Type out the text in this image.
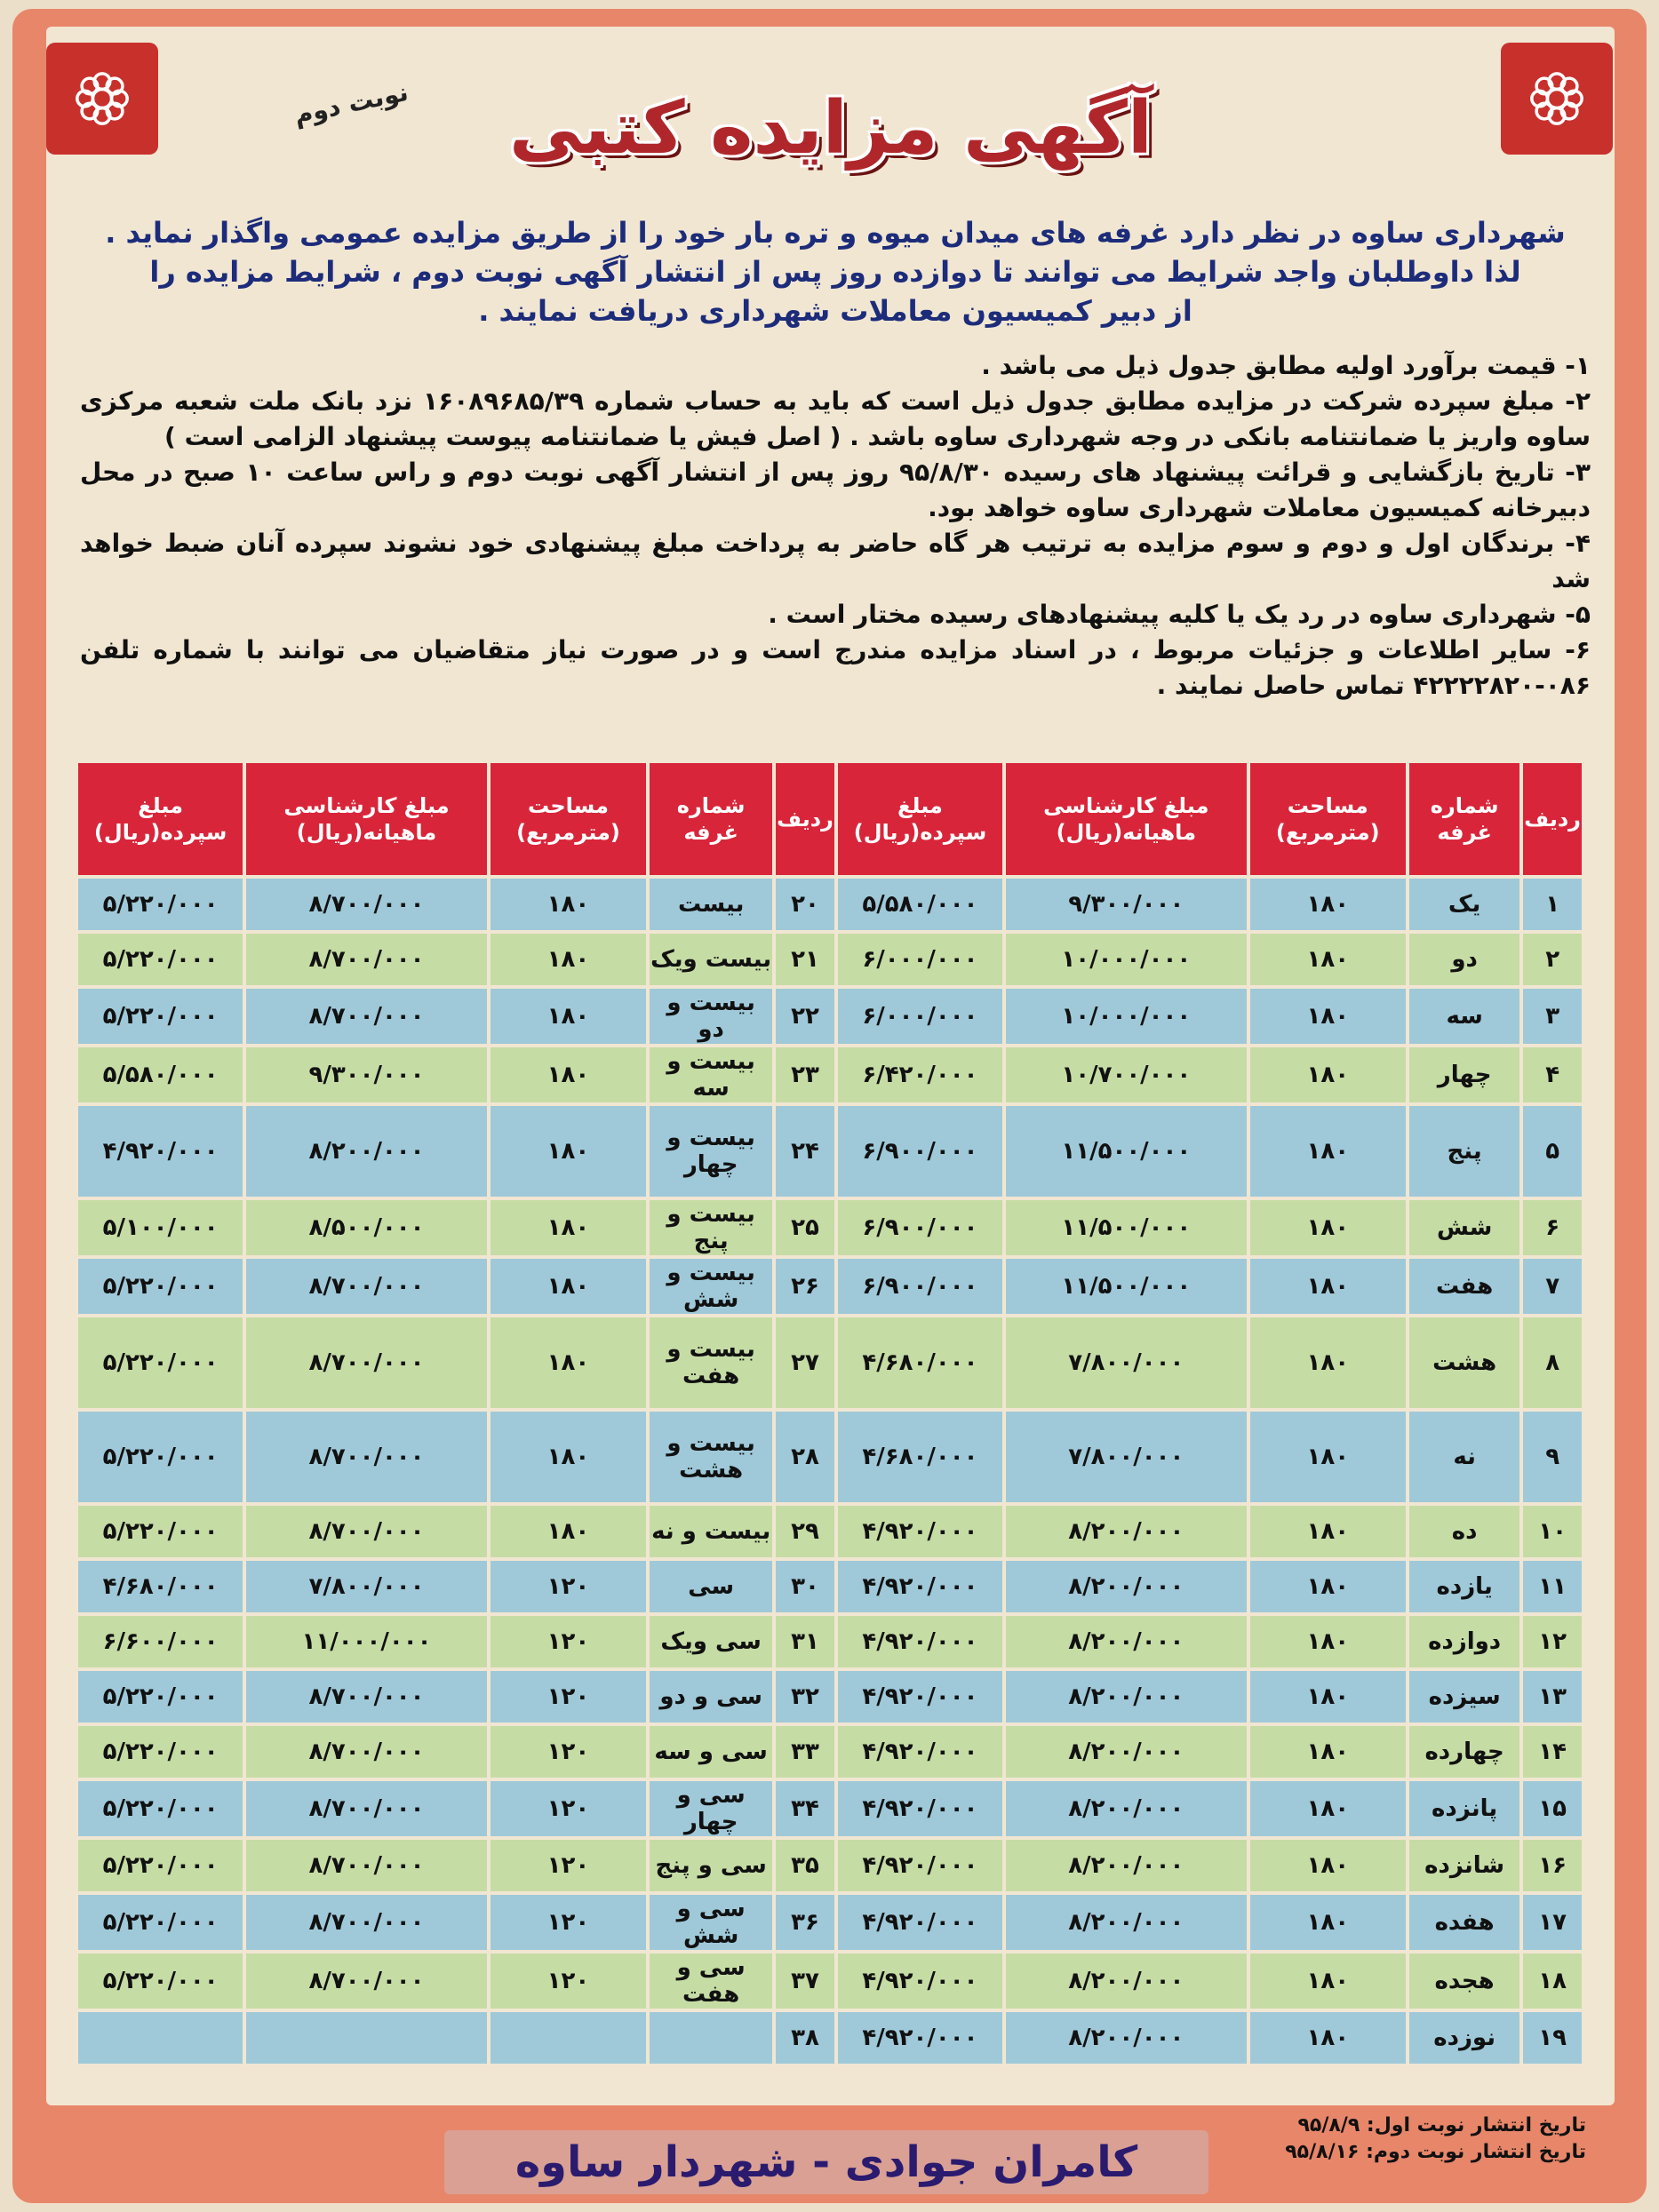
نوبت دوم آگهی مزایده کتبی
شهرداری ساوه در نظر دارد غرفه های میدان میوه و تره بار خود را از طریق مزایده عمومی واگذار نماید .
لذا داوطلبان واجد شرایط می توانند تا دوازده روز پس از انتشار آگهی نوبت دوم ، شرایط مزایده را
از دبیر کمیسیون معاملات شهرداری دریافت نمایند .

۱- قیمت برآورد اولیه مطابق جدول ذیل می باشد .

۲- مبلغ سپرده شرکت در مزایده مطابق جدول ذیل است که باید به حساب شماره ۱۶۰۸۹۶۸۵/۳۹ نزد بانک ملت شعبه مرکزی ساوه واریز یا ضمانتنامه بانکی در وجه شهرداری ساوه باشد . ( اصل فیش یا ضمانتنامه پیوست پیشنهاد الزامی است )

۳- تاریخ بازگشایی و قرائت پیشنهاد های رسیده ۹۵/۸/۳۰ روز پس از انتشار آگهی نوبت دوم و راس ساعت ۱۰ صبح در محل دبیرخانه کمیسیون معاملات شهرداری ساوه خواهد بود.

۴- برندگان اول و دوم و سوم مزایده به ترتیب هر گاه حاضر به پرداخت مبلغ پیشنهادی خود نشوند سپرده آنان ضبط خواهد شد

۵- شهرداری ساوه در رد یک یا کلیه پیشنهادهای رسیده مختار است .

۶- سایر اطلاعات و جزئیات مربوط ، در اسناد مزایده مندرج است و در صورت نیاز متقاضیان می توانند با شماره تلفن ۰۸۶-۴۲۲۲۲۸۲۰ تماس حاصل نمایند .

ردیف	شماره غرفه	مساحت (مترمربع)	مبلغ کارشناسی ماهیانه(ریال)	مبلغ سپرده(ریال)	ردیف	شماره غرفه	مساحت (مترمربع)	مبلغ کارشناسی ماهیانه(ریال)	مبلغ سپرده(ریال)
۱	یک	۱۸۰	۹/۳۰۰/۰۰۰	۵/۵۸۰/۰۰۰	۲۰	بیست	۱۸۰	۸/۷۰۰/۰۰۰	۵/۲۲۰/۰۰۰
۲	دو	۱۸۰	۱۰/۰۰۰/۰۰۰	۶/۰۰۰/۰۰۰	۲۱	بیست ویک	۱۸۰	۸/۷۰۰/۰۰۰	۵/۲۲۰/۰۰۰
۳	سه	۱۸۰	۱۰/۰۰۰/۰۰۰	۶/۰۰۰/۰۰۰	۲۲	بیست و دو	۱۸۰	۸/۷۰۰/۰۰۰	۵/۲۲۰/۰۰۰
۴	چهار	۱۸۰	۱۰/۷۰۰/۰۰۰	۶/۴۲۰/۰۰۰	۲۳	بیست و سه	۱۸۰	۹/۳۰۰/۰۰۰	۵/۵۸۰/۰۰۰
۵	پنج	۱۸۰	۱۱/۵۰۰/۰۰۰	۶/۹۰۰/۰۰۰	۲۴	بیست و چهار	۱۸۰	۸/۲۰۰/۰۰۰	۴/۹۲۰/۰۰۰
۶	شش	۱۸۰	۱۱/۵۰۰/۰۰۰	۶/۹۰۰/۰۰۰	۲۵	بیست و پنج	۱۸۰	۸/۵۰۰/۰۰۰	۵/۱۰۰/۰۰۰
۷	هفت	۱۸۰	۱۱/۵۰۰/۰۰۰	۶/۹۰۰/۰۰۰	۲۶	بیست و شش	۱۸۰	۸/۷۰۰/۰۰۰	۵/۲۲۰/۰۰۰
۸	هشت	۱۸۰	۷/۸۰۰/۰۰۰	۴/۶۸۰/۰۰۰	۲۷	بیست و هفت	۱۸۰	۸/۷۰۰/۰۰۰	۵/۲۲۰/۰۰۰
۹	نه	۱۸۰	۷/۸۰۰/۰۰۰	۴/۶۸۰/۰۰۰	۲۸	بیست و هشت	۱۸۰	۸/۷۰۰/۰۰۰	۵/۲۲۰/۰۰۰
۱۰	ده	۱۸۰	۸/۲۰۰/۰۰۰	۴/۹۲۰/۰۰۰	۲۹	بیست و نه	۱۸۰	۸/۷۰۰/۰۰۰	۵/۲۲۰/۰۰۰
۱۱	یازده	۱۸۰	۸/۲۰۰/۰۰۰	۴/۹۲۰/۰۰۰	۳۰	سی	۱۲۰	۷/۸۰۰/۰۰۰	۴/۶۸۰/۰۰۰
۱۲	دوازده	۱۸۰	۸/۲۰۰/۰۰۰	۴/۹۲۰/۰۰۰	۳۱	سی ویک	۱۲۰	۱۱/۰۰۰/۰۰۰	۶/۶۰۰/۰۰۰
۱۳	سیزده	۱۸۰	۸/۲۰۰/۰۰۰	۴/۹۲۰/۰۰۰	۳۲	سی و دو	۱۲۰	۸/۷۰۰/۰۰۰	۵/۲۲۰/۰۰۰
۱۴	چهارده	۱۸۰	۸/۲۰۰/۰۰۰	۴/۹۲۰/۰۰۰	۳۳	سی و سه	۱۲۰	۸/۷۰۰/۰۰۰	۵/۲۲۰/۰۰۰
۱۵	پانزده	۱۸۰	۸/۲۰۰/۰۰۰	۴/۹۲۰/۰۰۰	۳۴	سی و چهار	۱۲۰	۸/۷۰۰/۰۰۰	۵/۲۲۰/۰۰۰
۱۶	شانزده	۱۸۰	۸/۲۰۰/۰۰۰	۴/۹۲۰/۰۰۰	۳۵	سی و پنج	۱۲۰	۸/۷۰۰/۰۰۰	۵/۲۲۰/۰۰۰
۱۷	هفده	۱۸۰	۸/۲۰۰/۰۰۰	۴/۹۲۰/۰۰۰	۳۶	سی و شش	۱۲۰	۸/۷۰۰/۰۰۰	۵/۲۲۰/۰۰۰
۱۸	هجده	۱۸۰	۸/۲۰۰/۰۰۰	۴/۹۲۰/۰۰۰	۳۷	سی و هفت	۱۲۰	۸/۷۰۰/۰۰۰	۵/۲۲۰/۰۰۰
۱۹	نوزده	۱۸۰	۸/۲۰۰/۰۰۰	۴/۹۲۰/۰۰۰	۳۸				
تاریخ انتشار نوبت اول: ۹۵/۸/۹
تاریخ انتشار نوبت دوم: ۹۵/۸/۱۶
کامران جوادی - شهردار ساوه
